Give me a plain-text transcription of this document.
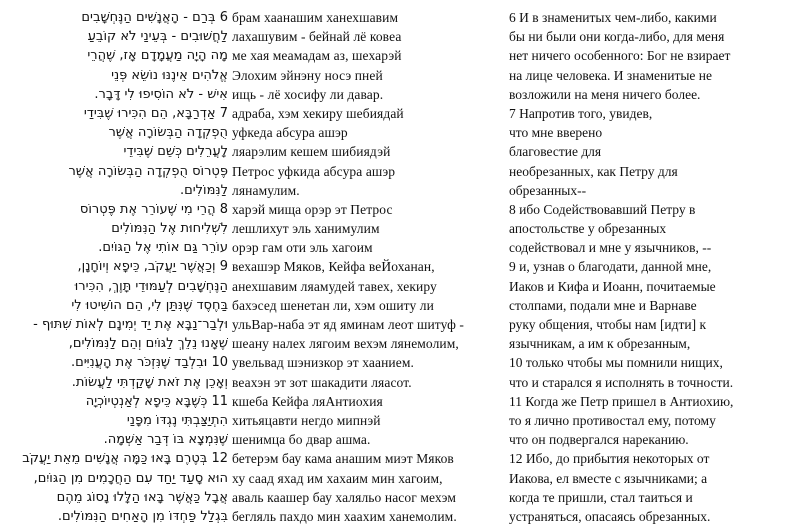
6 בְּרַם - הָאֲנָשִׁים הַנֶּחְשָׁבִים
לַחֲשׁוּבִים - בְּעֵינַי לֹא קוֹבֵעַ
מָה הָיָה מַעֲמָדָם אָז, שֶׁהֲרֵי
אֱלֹהִים אֵינֶנּוּ נוֹשֵׂא פְּנֵי
אִישׁ - לֹא הוֹסִיפוּ לִי דָּבָר.
7 אַדְרַבָּא, הֵם הִכִּירוּ שֶׁבִּידַי
הֻפְקְדָה הַבְּשׂוֹרָה אֲשֶׁר
לָעֲרֵלִים כְּשֵׁם שֶׁבִּידֵי
פֶּטְרוֹס הֻפְקְדָה הַבְּשׂוֹרָה אֲשֶׁר
לַנִּמּוֹלִים.
8 הֲרֵי מִי שֶׁעוֹרֵר אֶת פֶּטְרוֹס
לִשְׁלִיחוּת אֶל הַנִּמּוֹלִים
עוֹרֵר גַּם אוֹתִי אֶל הַגּוֹיִם.
9 וְכַאֲשֶׁר יַעֲקֹב, כֵּיפָא וְיוֹחָנָן,
הַנֶּחְשָׁבִים לְעַמּוּדֵי תָּוֶךְ, הִכִּירוּ
בַּחֶסֶד שֶׁנִּתַּן לִי, הֵם הוֹשִׁיטוּ לִי
וּלְבַר־נַבָּא אֶת יַד יְמִינָם לְאוֹת שִׁתּוּף -
שֶׁאָנוּ נֵלֵךְ לַגּוֹיִם וְהֵם לַנִּמּוֹלִים,
10 וּבִלְבַד שֶׁנִּזְכֹּר אֶת הָעֲנִיִּים.
וְאָכֵן אֶת זֹאת שָׁקַדְתִּי לַעֲשׂוֹת.
11 כְּשֶׁבָּא כֵּיפָא לְאַנְטְיוֹכְיָה
הִתְיַצַּבְתִּי נֶגְדּוֹ מִפָּנַי
שֶׁנִּמְצָא בּוֹ דְּבַר אַשְׁמָה.
12 בְּטֶרֶם בָּאוּ כַּמָּה אֲנָשִׁים מֵאֵת יַעֲקֹב
הוּא סָעַד יַחַד עִם הַחֲכָמִים מִן הַגּוֹיִם,
אֲבָל כַּאֲשֶׁר בָּאוּ הַלָּלוּ נָסוֹג מֵהֶם
בִּגְלַל פַּחְדּוֹ מִן הָאַחִים הַנִּמּוֹלִים.
брам хаанашим ханехшавим
лахашувим - бейнай лё ковеа
ме хая меамадам аз, шехарэй
Элохим эйнэну носэ пней
ищь - лё хосифу ли давар.
адраба, хэм хекиру шебиядай
уфкеда абсура ашэр
ляарэлим кешем шибиядэй
Петрос уфкида абсура ашэр
лянамулим.
харэй мища орэр эт Петрос
лешлихут эль ханимулим
орэр гам оти эль хагоим
вехашэр Мяков, Кейфа веЙоханан,
анехшавим ляамудей тавех, хекиру
бахэсед шенетан ли, хэм ошиту ли
ульВар-наба эт яд яминам леот шитуф -
шеану налех лягоим вехэм лянемолим,
увельвад шэнизкор эт хаанием.
веахэн эт зот шакадити ляасот.
кшеба Кейфа ляАнтиохия
хитьяцавти негдо мипнэй
шенимца бо двар ашма.
бетерэм бау кама анашим миэт Мяков
ху саад яхад им хахаим мин хагоим,
аваль каашер бау халяльо насог мехэм
бегляль пахдо мин хаахим ханемолим.
6 И в знаменитых чем-либо, какими
бы ни были они когда-либо, для меня
нет ничего особенного: Бог не взирает
на лице человека. И знаменитые не
возложили на меня ничего более.
7 Напротив того, увидев,
что мне вверено
благовестие для
необрезанных, как Петру для
обрезанных--
8 ибо Содействовавший Петру в
апостольстве у обрезанных
содействовал и мне у язычников, --
9 и, узнав о благодати, данной мне,
Иаков и Кифа и Иоанн, почитаемые
столпами, подали мне и Варнаве
руку общения, чтобы нам [идти] к
язычникам, а им к обрезанным,
10 только чтобы мы помнили нищих,
что и старался я исполнять в точности.
11 Когда же Петр пришел в Антиохию,
то я лично противостал ему, потому
что он подвергался нареканию.
12 Ибо, до прибытия некоторых от
Иакова, ел вместе с язычниками; а
когда те пришли, стал таиться и
устраняться, опасаясь обрезанных.
